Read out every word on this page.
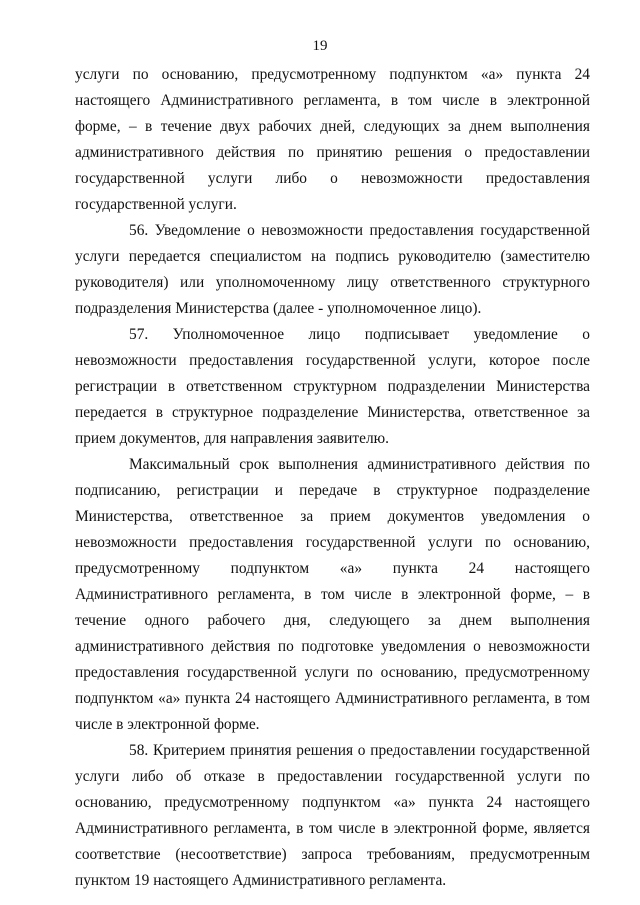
19

услуги по основанию, предусмотренному подпунктом «а» пункта 24 настоящего Административного регламента, в том числе в электронной форме, – в течение двух рабочих дней, следующих за днем выполнения административного действия по принятию решения о предоставлении государственной услуги либо о невозможности предоставления государственной услуги.

56. Уведомление о невозможности предоставления государственной услуги передается специалистом на подпись руководителю (заместителю руководителя) или уполномоченному лицу ответственного структурного подразделения Министерства (далее - уполномоченное лицо).

57. Уполномоченное лицо подписывает уведомление о невозможности предоставления государственной услуги, которое после регистрации в ответственном структурном подразделении Министерства передается в структурное подразделение Министерства, ответственное за прием документов, для направления заявителю.

Максимальный срок выполнения административного действия по подписанию, регистрации и передаче в структурное подразделение Министерства, ответственное за прием документов уведомления о невозможности предоставления государственной услуги по основанию, предусмотренному подпунктом «а» пункта 24 настоящего Административного регламента, в том числе в электронной форме, – в течение одного рабочего дня, следующего за днем выполнения административного действия по подготовке уведомления о невозможности предоставления государственной услуги по основанию, предусмотренному подпунктом «а» пункта 24 настоящего Административного регламента, в том числе в электронной форме.

58. Критерием принятия решения о предоставлении государственной услуги либо об отказе в предоставлении государственной услуги по основанию, предусмотренному подпунктом «а» пункта 24 настоящего Административного регламента, в том числе в электронной форме, является соответствие (несоответствие) запроса требованиям, предусмотренным пунктом 19 настоящего Административного регламента.
